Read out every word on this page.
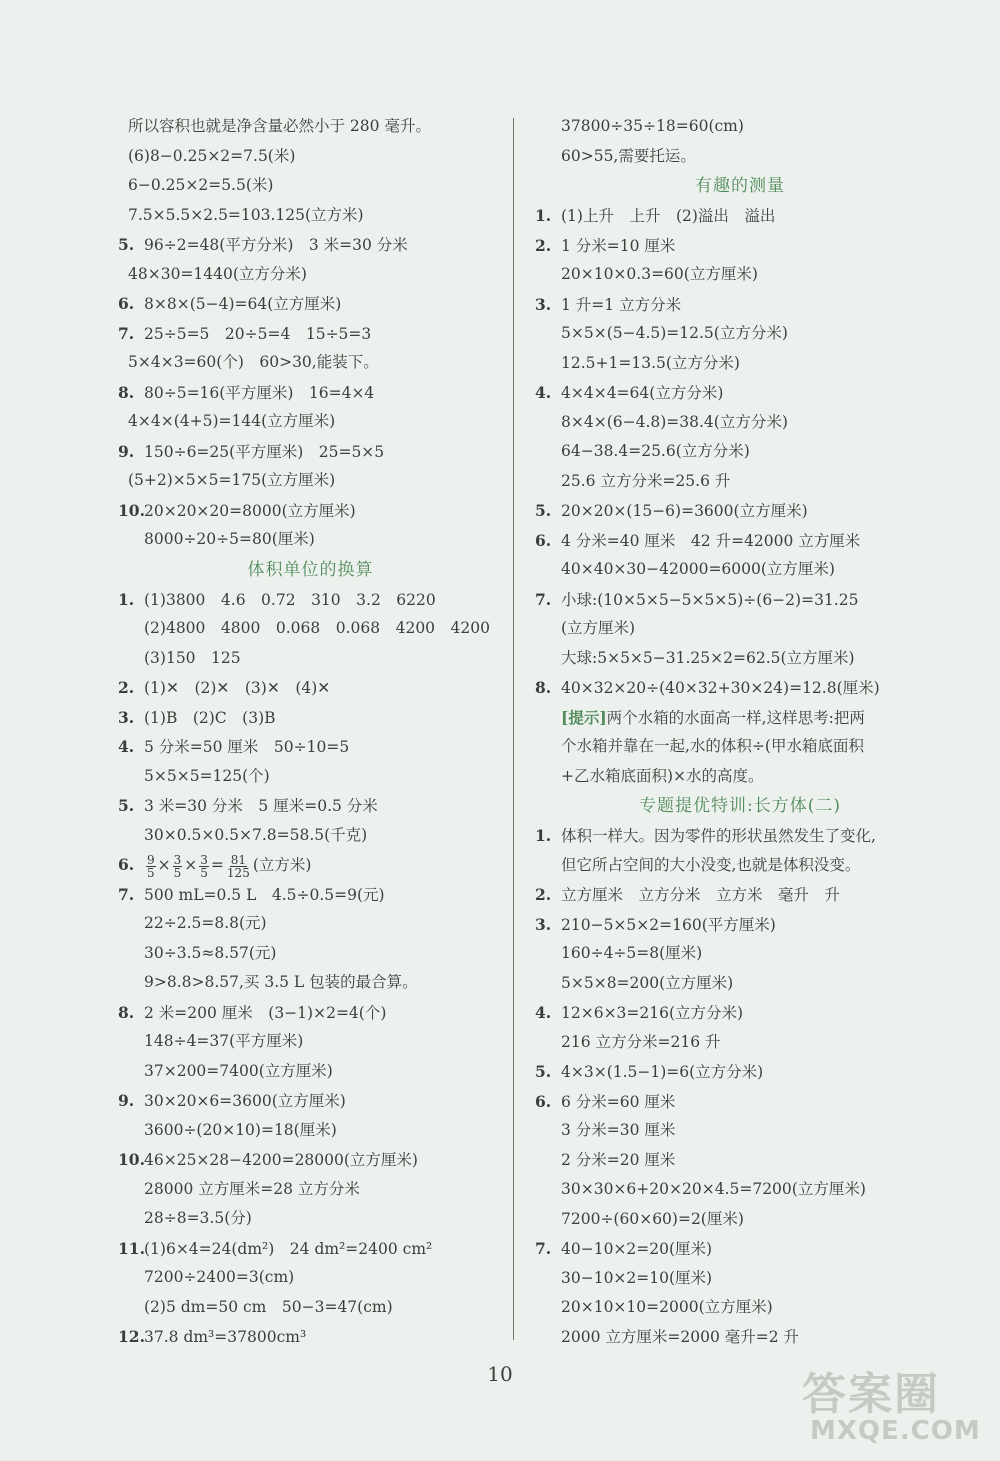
所以容积也就是净含量必然小于 280 毫升。
(6)8−0.25×2=7.5(米)
6−0.25×2=5.5(米)
7.5×5.5×2.5=103.125(立方米)
5. 96÷2=48(平方分米)　3 米=30 分米
48×30=1440(立方分米)
6. 8×8×(5−4)=64(立方厘米)
7. 25÷5=5　20÷5=4　15÷5=3
5×4×3=60(个)　60>30,能装下。
8. 80÷5=16(平方厘米)　16=4×4
4×4×(4+5)=144(立方厘米)
9. 150÷6=25(平方厘米)　25=5×5
(5+2)×5×5=175(立方厘米)
10.20×20×20=8000(立方厘米)
8000÷20÷5=80(厘米)
体积单位的换算
1. (1)3800　4.6　0.72　310　3.2　6220
(2)4800　4800　0.068　0.068　4200　4200
(3)150　125
2. (1)✕　(2)✕　(3)✕　(4)✕
3. (1)B　(2)C　(3)B
4. 5 分米=50 厘米　50÷10=5
5×5×5=125(个)
5. 3 米=30 分米　5 厘米=0.5 分米
30×0.5×0.5×7.8=58.5(千克)
6. $\frac{9}{5} \times \frac{3}{5} \times \frac{3}{5} = \frac{81}{125}$ (立方米)
7. 500 mL=0.5 L　4.5÷0.5=9(元)
22÷2.5=8.8(元)
30÷3.5≈8.57(元)
9>8.8>8.57,买 3.5 L 包装的最合算。
8. 2 米=200 厘米　(3−1)×2=4(个)
148÷4=37(平方厘米)
37×200=7400(立方厘米)
9. 30×20×6=3600(立方厘米)
3600÷(20×10)=18(厘米)
10.46×25×28−4200=28000(立方厘米)
28000 立方厘米=28 立方分米
28÷8=3.5(分)
11.(1)6×4=24(dm²)　24 dm²=2400 cm²
7200÷2400=3(cm)
(2)5 dm=50 cm　50−3=47(cm)
12.37.8 dm³=37800cm³
37800÷35÷18=60(cm)
60>55,需要托运。
有趣的测量
1. (1)上升　上升　(2)溢出　溢出
2. 1 分米=10 厘米
20×10×0.3=60(立方厘米)
3. 1 升=1 立方分米
5×5×(5−4.5)=12.5(立方分米)
12.5+1=13.5(立方分米)
4. 4×4×4=64(立方分米)
8×4×(6−4.8)=38.4(立方分米)
64−38.4=25.6(立方分米)
25.6 立方分米=25.6 升
5. 20×20×(15−6)=3600(立方厘米)
6. 4 分米=40 厘米　42 升=42000 立方厘米
40×40×30−42000=6000(立方厘米)
7. 小球:(10×5×5−5×5×5)÷(6−2)=31.25
(立方厘米)
大球:5×5×5−31.25×2=62.5(立方厘米)
8. 40×32×20÷(40×32+30×24)=12.8(厘米)
[提示]两个水箱的水面高一样,这样思考:把两
个水箱并靠在一起,水的体积÷(甲水箱底面积
+乙水箱底面积)×水的高度。
专题提优特训:长方体(二)
1. 体积一样大。因为零件的形状虽然发生了变化,
但它所占空间的大小没变,也就是体积没变。
2. 立方厘米　立方分米　立方米　毫升　升
3. 210−5×5×2=160(平方厘米)
160÷4÷5=8(厘米)
5×5×8=200(立方厘米)
4. 12×6×3=216(立方分米)
216 立方分米=216 升
5. 4×3×(1.5−1)=6(立方分米)
6. 6 分米=60 厘米
3 分米=30 厘米
2 分米=20 厘米
30×30×6+20×20×4.5=7200(立方厘米)
7200÷(60×60)=2(厘米)
7. 40−10×2=20(厘米)
30−10×2=10(厘米)
20×10×10=2000(立方厘米)
2000 立方厘米=2000 毫升=2 升
10	答案圈
MXQE.COM
